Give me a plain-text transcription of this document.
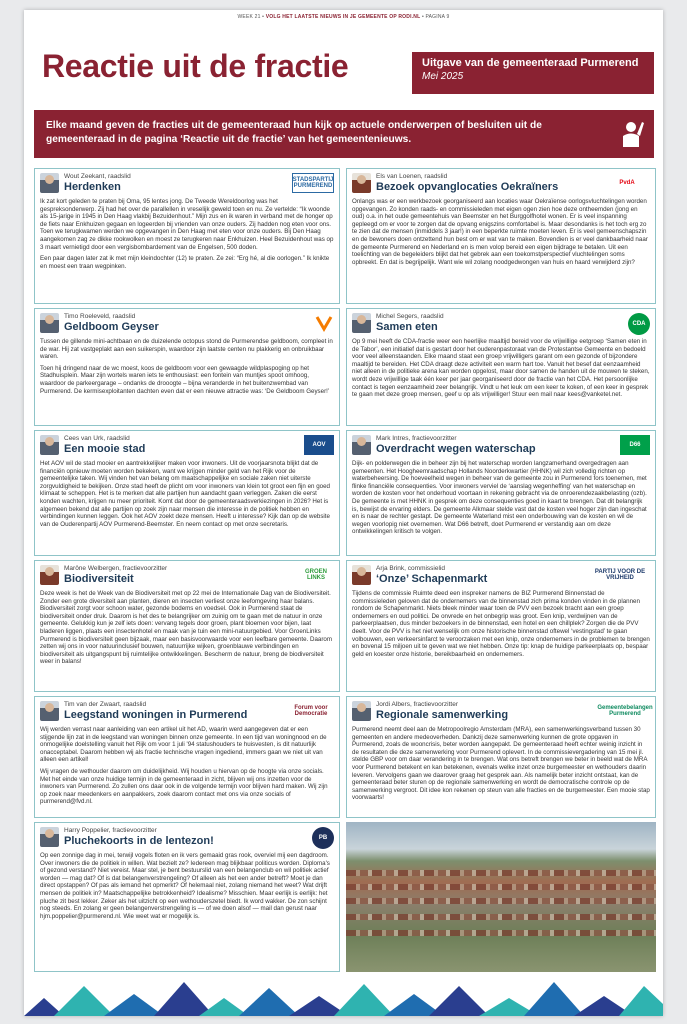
WEEK 21 • VOLG HET LAATSTE NIEUWS IN JE GEMEENTE OP RODI.NL • PAGINA 9
Reactie uit de fractie	Uitgave van de gemeenteraad Purmerend
Mei 2025
Elke maand geven de fracties uit de gemeenteraad hun kijk op actuele onderwerpen of besluiten uit de gemeenteraad in de pagina ‘Reactie uit de fractie’ van het gemeentenieuws.
Wout Zeekant, raadslid
Herdenken
STADSPARTIJ PURMEREND

Ik zat kort geleden te praten bij Oma, 95 lentes jong. De Tweede Wereldoorlog was het gespreksonderwerp. Zij had het over de parallellen in vreselijk geweld toen en nu. Ze vertelde: “Ik woonde als 15-jarige in 1945 in Den Haag vlakbij Bezuidenhout.” Mijn zus en ik waren in verband met de honger op de fiets naar Enkhuizen gegaan en logeerden bij vrienden van onze ouders. Zij hadden nog eten voor ons. Toen we terugkwamen werden we opgevangen in Den Haag met eten voor onze ouders. Bij Den Haag aangekomen zag ze dikke rookwolken en moest ze terugkeren naar Enkhuizen. Heel Bezuidenhout was op 3 maart vernietigd door een vergisbombardement van de Engelsen, 500 doden.

Een paar dagen later zat ik met mijn kleindochter (12) te praten. Ze zei: “Erg hé, al die oorlogen.” Ik knikte en moest een traan wegpinken.

Timo Roeleveld, raadslid
Geldboom Geyser

Tussen de gillende mini-achtbaan en de duizelende octopus stond de Purmerendse geldboom, compleet in de war. Hij zat vastgeplakt aan een suikerspin, waardoor zijn laatste centen nu plakkerig en onbruikbaar waren.

Toen hij dringend naar de wc moest, koos de geldboom voor een gewaagde wildplaspoging op het Stadhuisplein. Maar zijn wortels waren iets te enthousiast: een fontein van muntjes spoot omhoog, waardoor de parkeergarage – ondanks de drooogte – bijna veranderde in het buitenzwembad van Purmerend. De kermisexploitanten dachten even dat er een nieuwe attractie was: ‘De Geldboom Geyser!’

Cees van Urk, raadslid
Een mooie stad	AOV

Het AOV wil de stad mooier en aantrekkelijker maken voor inwoners. Uit de voorjaarsnota blijkt dat de financiën opnieuw moeten worden bekeken, want we krijgen minder geld van het Rijk voor de gemeentelijke taken. Wij vinden het van belang om maatschappelijke en sociale zaken niet uiterste zorgvuldigheid te bekijken. Onze stad heeft de plicht om voor inwoners van klein tot groot een fijn en goed klimaat te scheppen. Het is te merken dat alle partijen hun aandacht gaan verleggen. Zaken die eerst konden wachten, krijgen nu meer prioriteit. Komt dat door de gemeenteraadsverkiezingen in 2026? Het is algemeen bekend dat alle partijen op zoek zijn naar mensen die interesse in de politiek hebben en verbindingen kunnen leggen. Ook het AOV zoekt deze mensen. Heeft u interesse? Kijk dan op de website van de Ouderenpartij AOV Purmerend-Beemster. En neem contact op met onze secretaris.

Marône Welbergen, fractievoorzitter
Biodiversiteit
GROEN LINKS

Deze week is het de Week van de Biodiversiteit met op 22 mei de Internationale Dag van de Biodiversiteit. Zonder een grote diversiteit aan planten, dieren en insecten verliest onze leefomgeving haar balans. Biodiversiteit zorgt voor schoon water, gezonde bodems en voedsel. Ook in Purmerend staat de biodiversiteit onder druk. Daarom is het des te belangrijker om zuinig om te gaan met de natuur in onze gemeente. Gelukkig kun je zelf iets doen: vervang tegels door groen, plant bloemen voor bijen, laat bladeren liggen, plaats een insectenhotel en maak van je tuin een mini-natuurgebied. Voor GroenLinks Purmerend is biodiversiteit geen bijzaak, maar een basisvoorwaarde voor een leefbare gemeente. Daarom zetten wij ons in voor natuurinclusief bouwen, natuurrijke wijken, groenblauwe verbindingen en biodiversiteit als uitgangspunt bij ruimtelijke ontwikkelingen. Bescherm de natuur, breng de biodiversiteit weer in balans!

Tim van der Zwaart, raadslid
Leegstand woningen in Purmerend
Forum voor Democratie

Wij werden verrast naar aanleiding van een artikel uit het AD, waarin werd aangegeven dat er een stijgende lijn zat in de leegstand van woningen binnen onze gemeente. In een tijd van woningnood en de onmogelijke doelstelling vanuit het Rijk om voor 1 juli '94 statushouders te huisvesten, is dit natuurlijk onacceptabel. Daarom hebben wij als fractie technische vragen ingediend, immers gaan we niet uit van alleen een artikel!

Wij vragen de wethouder daarom om duidelijkheid. Wij houden u hiervan op de hoogte via onze socials. Met het einde van onze huidige termijn in de gemeenteraad in zicht, blijven wij ons inzetten voor de inwoners van Purmerend. Zo zullen ons daar ook in de volgende termijn voor blijven hard maken. Wij zijn op zoek naar meedenkers en aanpakkers, zoek daarom contact met ons via onze socials of purmerend@fvd.nl.

Harry Poppelier, fractievoorzitter
Pluchekoorts in de lentezon!	PB

Op een zonnige dag in mei, terwijl vogels floten en ik vers gemaaid gras rook, overviel mij een dagdroom. Over inwoners die de politiek in willen. Wat bezielt ze? Iedereen mag blijkbaar politicus worden. Diploma's of gezond verstand? Niet vereist. Maar stel, je bent bestuurslid van een belangenclub en wil politiek actief worden — mag dat? Of is dat belangenverstrengeling? Of alleen als het een ander betreft? Moet je dan direct opstappen? Of pas als iemand het opmerkt? Of helemaal niet, zolang niemand het weet? Wat drijft mensen de politiek in? Maatschappelijke betrokkenheid? Idealisme? Misschien. Maar eerlijk is eerlijk: het pluche zit best lekker. Zeker als het uitzicht op een wethouderszetel biedt. Ik word wakker. De zon schijnt nog steeds. En zolang er geen belangenverstrengeling is — of we doen alsof — mail dan gerust naar hjm.poppelier@purmerend.nl. Wie weet wat er mogelijk is.

Els van Loenen, raadslid
Bezoek opvanglocaties Oekraïners	PvdA

Onlangs was er een werkbezoek georganiseerd aan locaties waar Oekraïense oorlogsvluchtelingen worden opgevangen. Zo konden raads- en commissieleden met eigen ogen zien hoe deze ontheemden (jong en oud) o.a. in het oude gemeentehuis van Beemster en het Burggolfhotel wonen. Er is veel inspanning gepleegd om er voor te zorgen dat de opvang enigszins comfortabel is. Maar desondanks is het toch erg zo te zien dat de mensen (inmiddels 3 jaar!) in een beperkte ruimte moeten leven. Er is veel gemeenschapszin en de bewoners doen ontzettend hun best om er wat van te maken. Bovendien is er veel dankbaarheid naar de gemeente Purmerend en Nederland en is men volop bereid een eigen bijdrage te betalen. Uit een toelichting van de begeleiders blijkt dat het gebrek aan een toekomstperspectief vluchtelingen soms opbreekt. En dat is begrijpelijk. Want wie wil zolang noodgedwongen van huis en haard verwijderd zijn?

Michel Segers, raadslid
Samen eten	CDA

Op 9 mei heeft de CDA-fractie weer een heerlijke maaltijd bereid voor de vrijwillige eetgroep ‘Samen eten in de Tabor’, een initiatief dat is gestart door het ouderenpastoraat van de Protestantse Gemeente en bedoeld voor veel alleenstaanden. Elke maand staat een groep vrijwilligers garant om een gezonde of bijzondere maaltijd te bereiden. Het CDA draagt deze activiteit een warm hart toe. Vanuit het besef dat eenzaamheid niet alleen in de politieke arena kan worden opgelost, maar door samen de handen uit de mouwen te steken, wordt deze vrijwillige taak één keer per jaar georganiseerd door de fractie van het CDA. Het persoonlijke contact is tegen eenzaamheid zeer belangrijk. Vindt u het leuk om een keer te koken, of een keer in gesprek te gaan met deze groep mensen, geef u op als vrijwilliger! Stuur een mail naar kees@vanketel.net.

Mark Intres, fractievoorzitter
Overdracht wegen waterschap	D66

Dijk- en polderwegen die in beheer zijn bij het waterschap worden langzamerhand overgedragen aan gemeenten. Het Hoogheemraadschap Hollands Noorderkwartier (HHNK) wil zich volledig richten op waterbeheersing. De hoeveelheid wegen in beheer van de gemeente zou in Purmerend fors toenemen, met flinke financiële consequenties. Voor inwoners verviel de ‘aanslag wegenheffing’ van het waterschap en worden de kosten voor het onderhoud voortaan in rekening gebracht via de onroerendezaakbelasting (ozb). De gemeente is met HHNK in gesprek om deze consequenties goed in kaart te brengen. Dat dit belangrijk is, bewijst de ervaring elders. De gemeente Alkmaar stelde vast dat de kosten veel hoger zijn dan ingeschat en is naar de rechter gestapt. De gemeente Waterland mist een onderbouwing van de kosten en wil de wegen voorlopig niet overnemen. Wat D66 betreft, doet Purmerend er verstandig aan om deze ontwikkelingen kritisch te volgen.

Arja Brink, commissielid
‘Onze’ Schapenmarkt
PARTIJ VOOR DE VRIJHEID

Tijdens de commissie Ruimte deed een inspreker namens de BIZ Purmerend Binnenstad de commissieleden geloven dat de ondernemers van de binnenstad zich prima konden vinden in de plannen rondom de Schapenmarkt. Niets bleek minder waar toen de PVV een bezoek bracht aan een groep ondernemers en oud politici. De onvrede en het onbegrip was groot. Een knip, verdwijnen van de parkeerplaatsen, dus minder bezoekers in de binnenstad, een hotel en een chillplek? Zorgen die de PVV deelt. Voor de PVV is het niet wenselijk om onze historische binnenstad oftewel ‘vestingstad’ te gaan volbouwen, een verkeersinfarct te veroorzaken met een knip, onze ondernemers in de problemen te brengen en bovenal 15 miljoen uit te geven wat we niet hebben. Onze tip: knap de huidige parkeerplaats op, bespaar geld en koester onze historie, bereikbaarheid en ondernemers.

Jordi Albers, fractievoorzitter
Regionale samenwerking
Gemeentebelangen Purmerend

Purmerend neemt deel aan de Metropoolregio Amsterdam (MRA), een samenwerkingsverband tussen 30 gemeenten en andere medeoverheden. Dankzij deze samenwerking kunnen de grote opgaven in Purmerend, zoals de wooncrisis, beter worden aangepakt. De gemeenteraad heeft echter weinig inzicht in de resultaten die deze samenwerking voor Purmerend oplevert. In de commissievergadering van 15 mei jl. stelde GBP voor om daar verandering in te brengen. Wat ons betreft brengen we beter in beeld wat de MRA voor Purmerend betekent en kan betekenen, evenals welke inzet onze burgemeester en wethouders daarin leveren. Vervolgens gaan we daarover graag het gesprek aan. Als namelijk beter inzicht ontstaat, kan de gemeenteraad beter sturen op de regionale samenwerking en wordt de democratische controle op de samenwerking vergroot. Dit idee kon rekenen op steun van alle fracties en de burgemeester. Een mooie stap voorwaarts!
